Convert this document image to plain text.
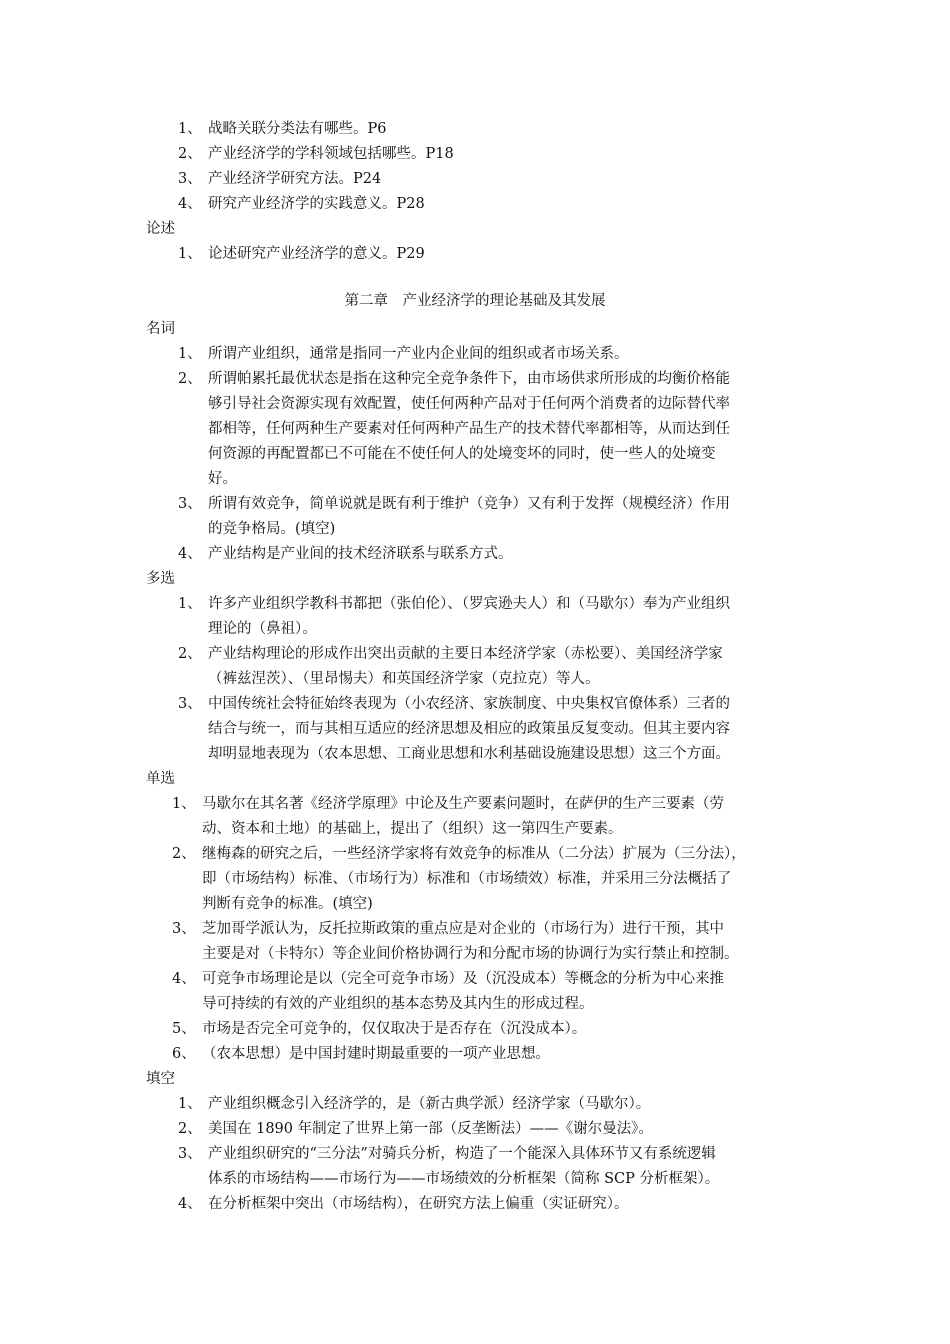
1、 战略关联分类法有哪些。P6
2、 产业经济学的学科领域包括哪些。P18
3、 产业经济学研究方法。P24
4、 研究产业经济学的实践意义。P28
论述
1、 论述研究产业经济学的意义。P29
第二章　产业经济学的理论基础及其发展
名词
1、 所谓产业组织，通常是指同一产业内企业间的组织或者市场关系。
2、 所谓帕累托最优状态是指在这种完全竞争条件下，由市场供求所形成的均衡价格能
够引导社会资源实现有效配置，使任何两种产品对于任何两个消费者的边际替代率
都相等，任何两种生产要素对任何两种产品生产的技术替代率都相等，从而达到任
何资源的再配置都已不可能在不使任何人的处境变坏的同时，使一些人的处境变
好。
3、 所谓有效竞争，简单说就是既有利于维护（竞争）又有利于发挥（规模经济）作用
的竞争格局。(填空)
4、 产业结构是产业间的技术经济联系与联系方式。
多选
1、 许多产业组织学教科书都把（张伯伦）、（罗宾逊夫人）和（马歇尔）奉为产业组织
理论的（鼻祖）。
2、 产业结构理论的形成作出突出贡献的主要日本经济学家（赤松要）、美国经济学家
（裤兹涅茨）、（里昂惕夫）和英国经济学家（克拉克）等人。
3、 中国传统社会特征始终表现为（小农经济、家族制度、中央集权官僚体系）三者的
结合与统一，而与其相互适应的经济思想及相应的政策虽反复变动。但其主要内容
却明显地表现为（农本思想、工商业思想和水利基础设施建设思想）这三个方面。
单选
1、 马歇尔在其名著《经济学原理》中论及生产要素问题时，在萨伊的生产三要素（劳
动、资本和土地）的基础上，提出了（组织）这一第四生产要素。
2、 继梅森的研究之后，一些经济学家将有效竞争的标准从（二分法）扩展为（三分法），
即（市场结构）标准、（市场行为）标准和（市场绩效）标准，并采用三分法概括了
判断有竞争的标准。(填空)
3、 芝加哥学派认为，反托拉斯政策的重点应是对企业的（市场行为）进行干预，其中
主要是对（卡特尔）等企业间价格协调行为和分配市场的协调行为实行禁止和控制。
4、 可竞争市场理论是以（完全可竞争市场）及（沉没成本）等概念的分析为中心来推
导可持续的有效的产业组织的基本态势及其内生的形成过程。
5、 市场是否完全可竞争的，仅仅取决于是否存在（沉没成本）。
6、 （农本思想）是中国封建时期最重要的一项产业思想。
填空
1、 产业组织概念引入经济学的，是（新古典学派）经济学家（马歇尔）。
2、 美国在 1890 年制定了世界上第一部（反垄断法）——《谢尔曼法》。
3、 产业组织研究的“三分法”对骑兵分析，构造了一个能深入具体环节又有系统逻辑
体系的市场结构——市场行为——市场绩效的分析框架（简称 SCP 分析框架）。
4、 在分析框架中突出（市场结构），在研究方法上偏重（实证研究）。
